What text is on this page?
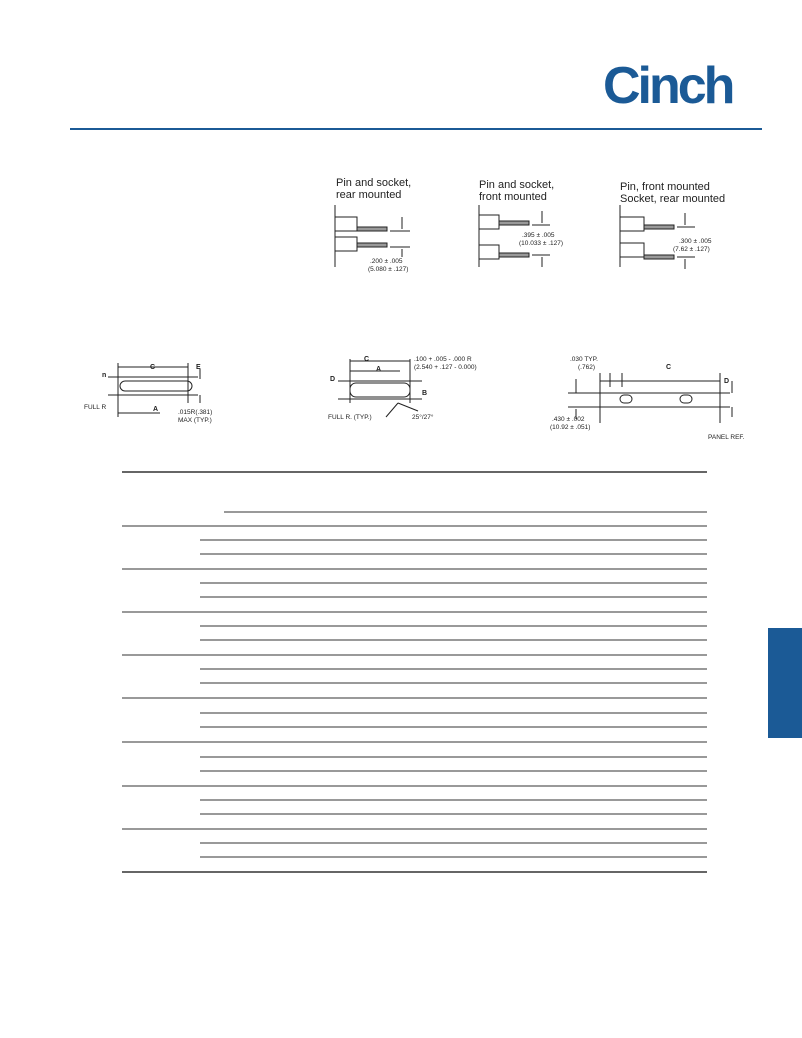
Cinch
Pin and socket,
rear mounted
Pin and socket,
front mounted
Pin, front mounted
Socket, rear mounted
.200 ± .005
(5.080 ± .127)
.395 ± .005
(10.033 ± .127)	.300 ± .005
(7.62 ± .127)
C
A
E
n
FULL R
.015R(.381)
MAX (TYP.)
C
A
D
B
.100 + .005 - .000 R
(2.540 + .127 - 0.000)
FULL R. (TYP.)	25°/27°
C
D
.030 TYP.
(.762)
.430 ± .002
(10.92 ± .051)
PANEL REF.
